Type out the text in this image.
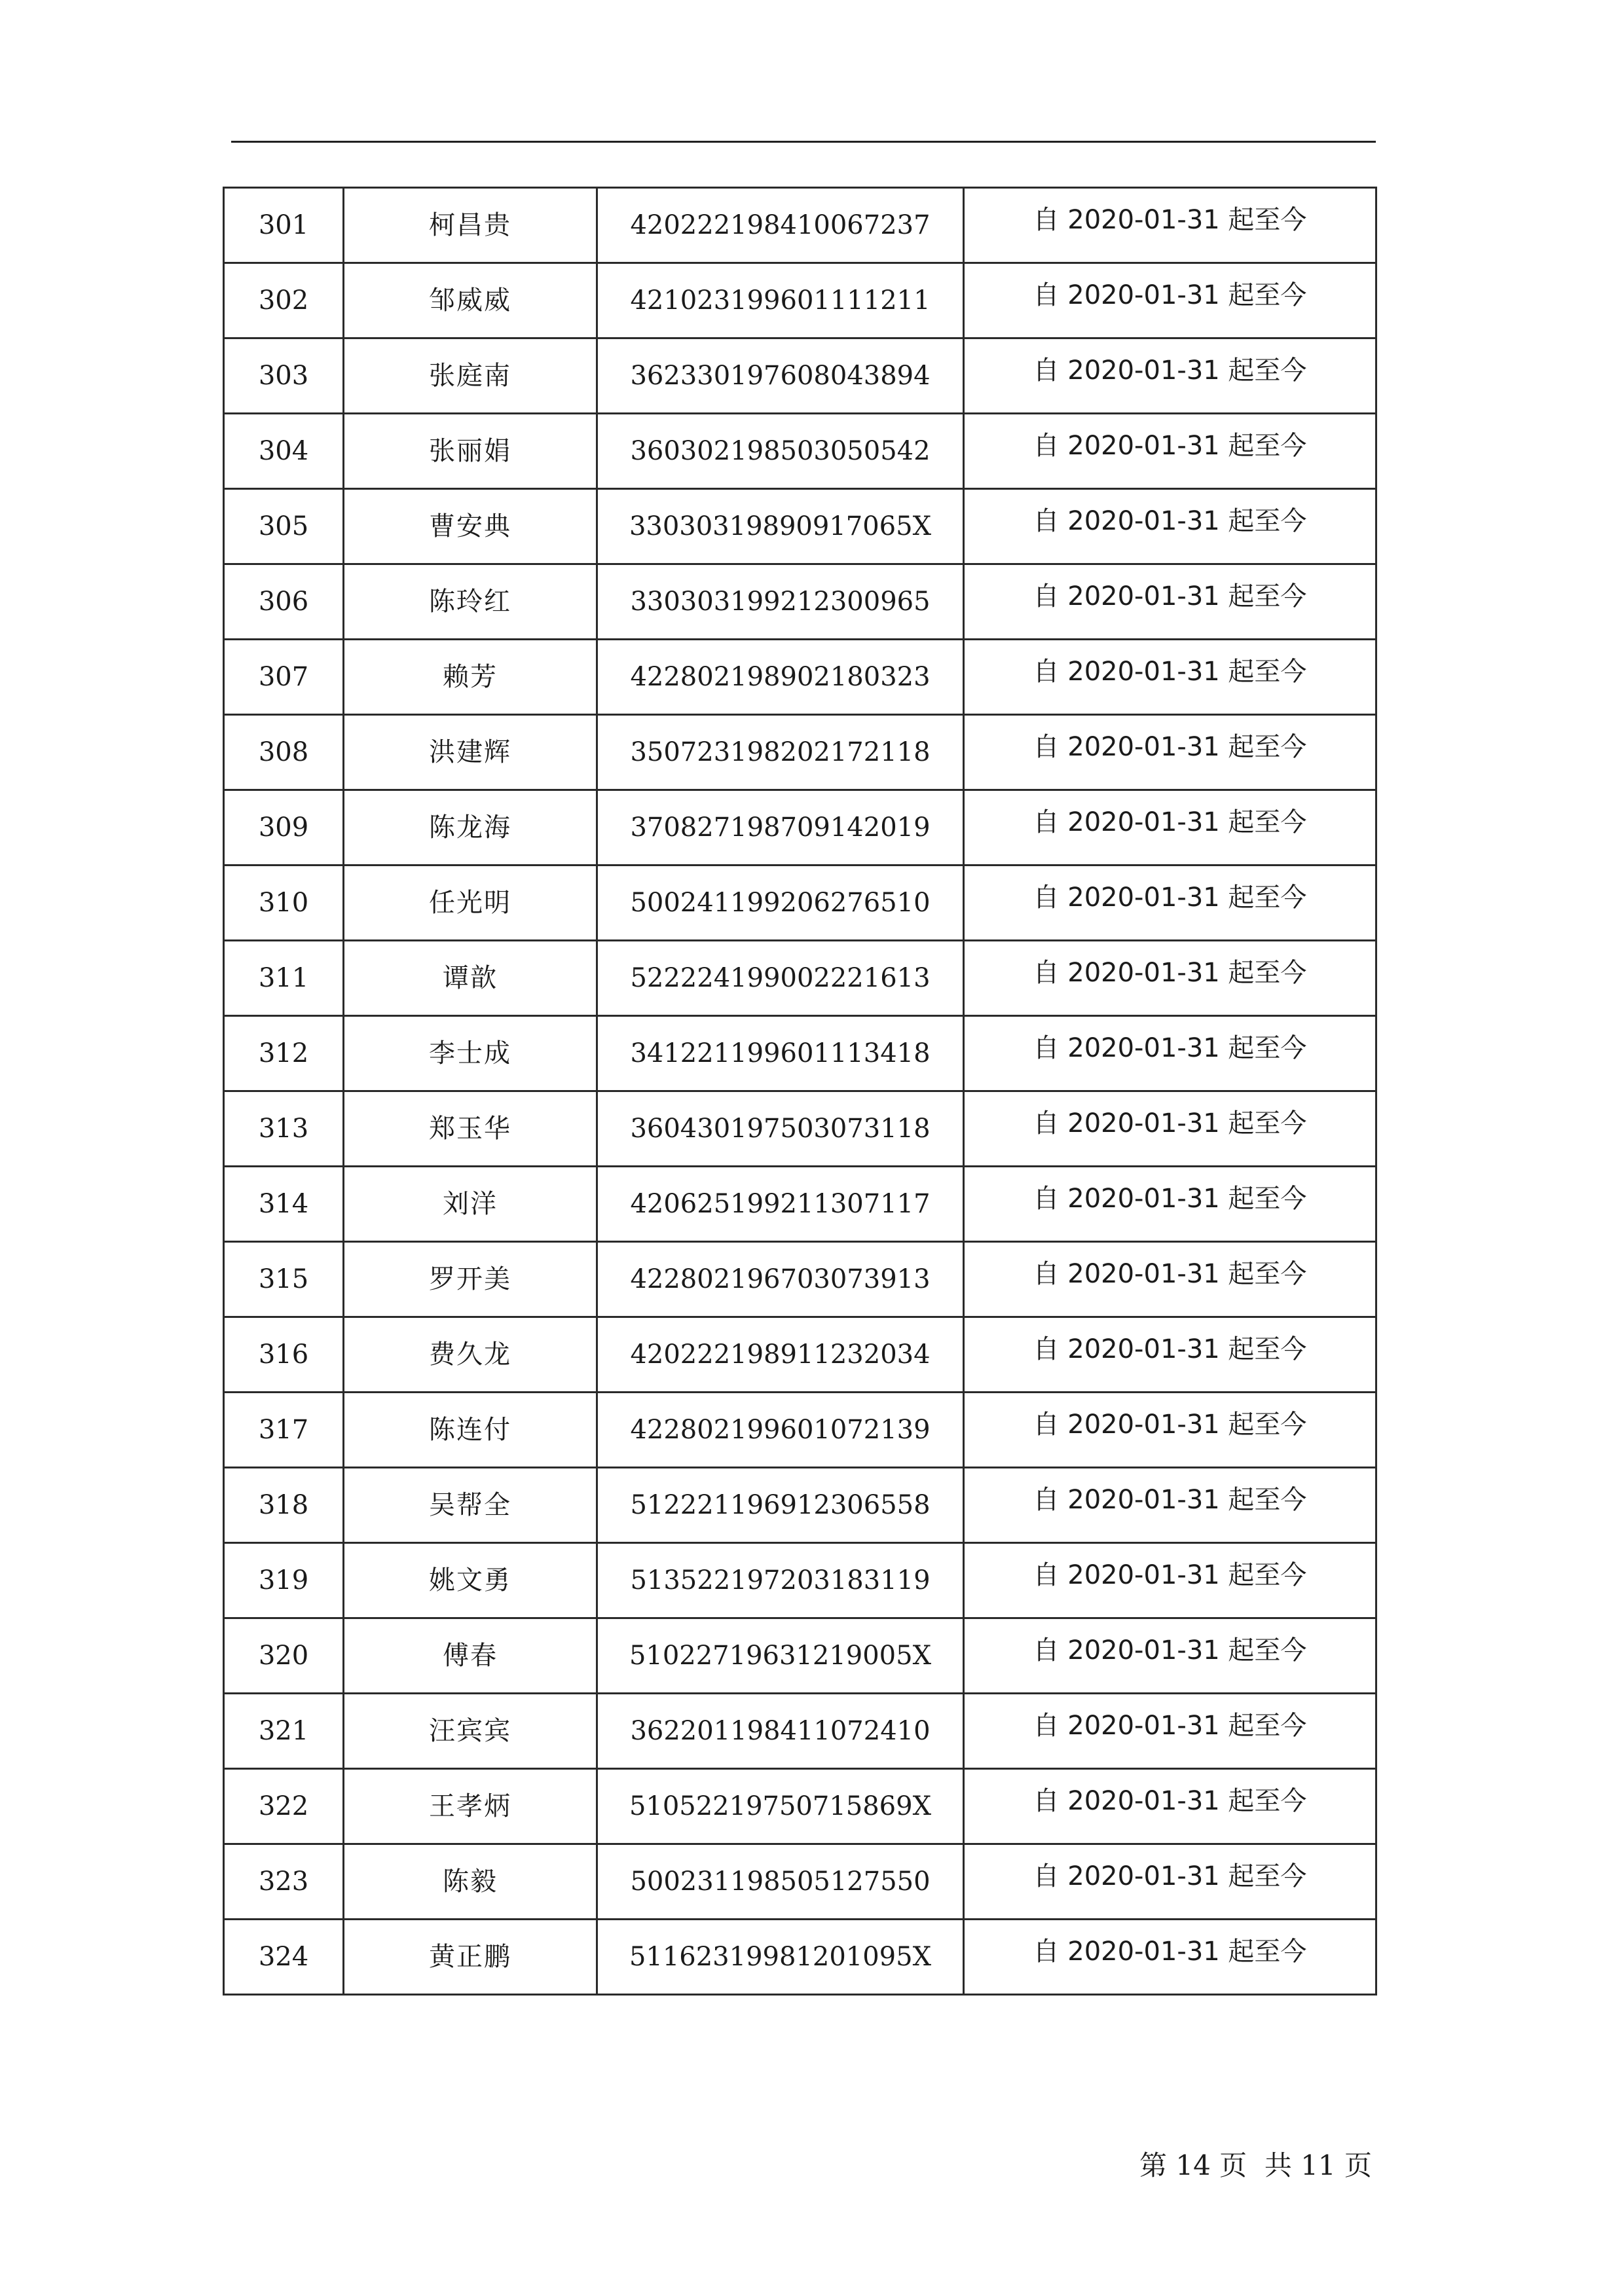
301	柯昌贵	420222198410067237	自 2020-01-31 起至今
302	邹威威	421023199601111211	自 2020-01-31 起至今
303	张庭南	362330197608043894	自 2020-01-31 起至今
304	张丽娟	360302198503050542	自 2020-01-31 起至今
305	曹安典	33030319890917065X	自 2020-01-31 起至今
306	陈玲红	330303199212300965	自 2020-01-31 起至今
307	赖芳	422802198902180323	自 2020-01-31 起至今
308	洪建辉	350723198202172118	自 2020-01-31 起至今
309	陈龙海	370827198709142019	自 2020-01-31 起至今
310	任光明	500241199206276510	自 2020-01-31 起至今
311	谭歆	522224199002221613	自 2020-01-31 起至今
312	李士成	341221199601113418	自 2020-01-31 起至今
313	郑玉华	360430197503073118	自 2020-01-31 起至今
314	刘洋	420625199211307117	自 2020-01-31 起至今
315	罗开美	422802196703073913	自 2020-01-31 起至今
316	费久龙	420222198911232034	自 2020-01-31 起至今
317	陈连付	422802199601072139	自 2020-01-31 起至今
318	吴帮全	512221196912306558	自 2020-01-31 起至今
319	姚文勇	513522197203183119	自 2020-01-31 起至今
320	傅春	51022719631219005X	自 2020-01-31 起至今
321	汪宾宾	362201198411072410	自 2020-01-31 起至今
322	王孝炳	51052219750715869X	自 2020-01-31 起至今
323	陈毅	500231198505127550	自 2020-01-31 起至今
324	黄正鹏	51162319981201095X	自 2020-01-31 起至今
第 14 页  共 11 页
